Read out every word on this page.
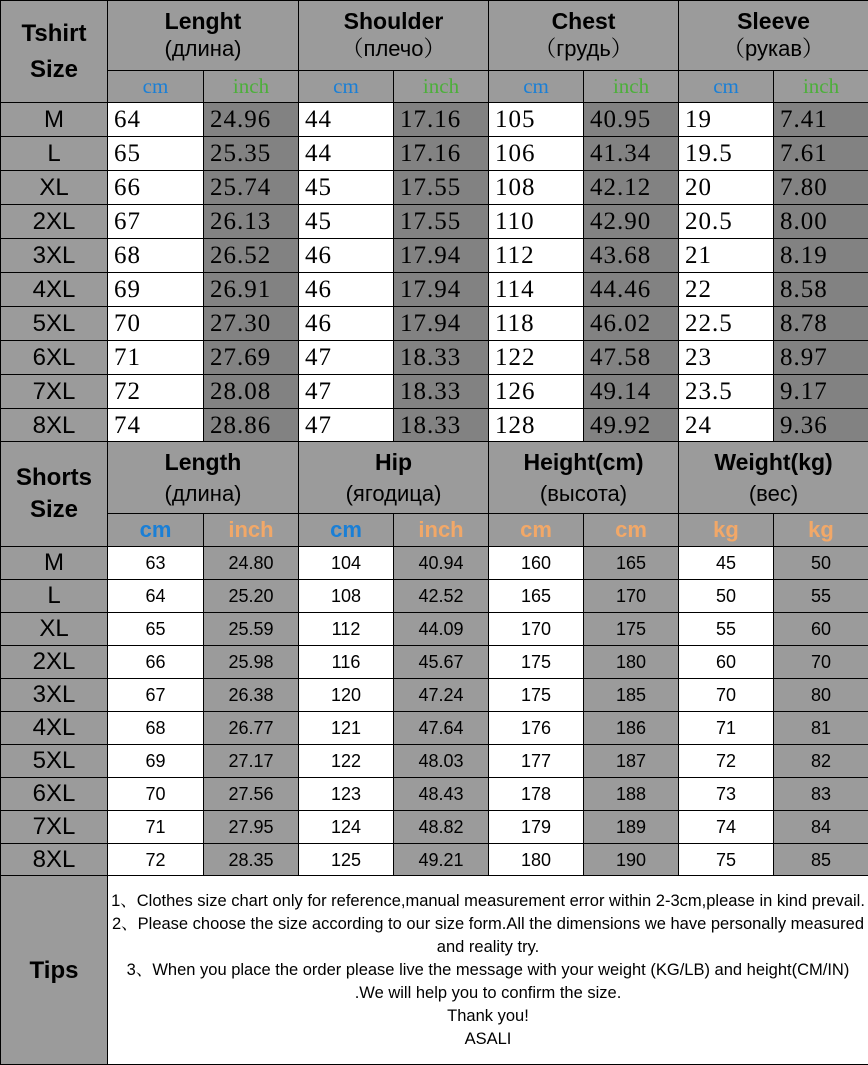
Tshirt
Size	Lenght
(длина)		Shoulder
（плечо）		Chest
（грудь）		Sleeve
（рукав）	

	cm	inch	cm	inch	cm	inch	cm	inch
M	64	24.96	44	17.16	105	40.95	19	7.41
L	65	25.35	44	17.16	106	41.34	19.5	7.61
XL	66	25.74	45	17.55	108	42.12	20	7.80
2XL	67	26.13	45	17.55	110	42.90	20.5	8.00
3XL	68	26.52	46	17.94	112	43.68	21	8.19
4XL	69	26.91	46	17.94	114	44.46	22	8.58
5XL	70	27.30	46	17.94	118	46.02	22.5	8.78
6XL	71	27.69	47	18.33	122	47.58	23	8.97
7XL	72	28.08	47	18.33	126	49.14	23.5	9.17
8XL	74	28.86	47	18.33	128	49.92	24	9.36
Shorts
Size	Length
(длина)		Hip
(ягодица)		Height(cm)
(высота)		Weight(kg)
(вес)	

	cm	inch	cm	inch	cm	cm	kg	kg
M	63	24.80	104	40.94	160	165	45	50
L	64	25.20	108	42.52	165	170	50	55
XL	65	25.59	112	44.09	170	175	55	60
2XL	66	25.98	116	45.67	175	180	60	70
3XL	67	26.38	120	47.24	175	185	70	80
4XL	68	26.77	121	47.64	176	186	71	81
5XL	69	27.17	122	48.03	177	187	72	82
6XL	70	27.56	123	48.43	178	188	73	83
7XL	71	27.95	124	48.82	179	189	74	84
8XL	72	28.35	125	49.21	180	190	75	85
Tips

1、Clothes size chart only for reference,manual measurement error within 2-3cm,please in kind prevail.

2、Please choose the size according to our size form.All the dimensions we have personally measured and reality try.

3、When you place the order please live the message with your weight (KG/LB) and height(CM/IN) .We will help you to confirm the size.

Thank you!

ASALI
